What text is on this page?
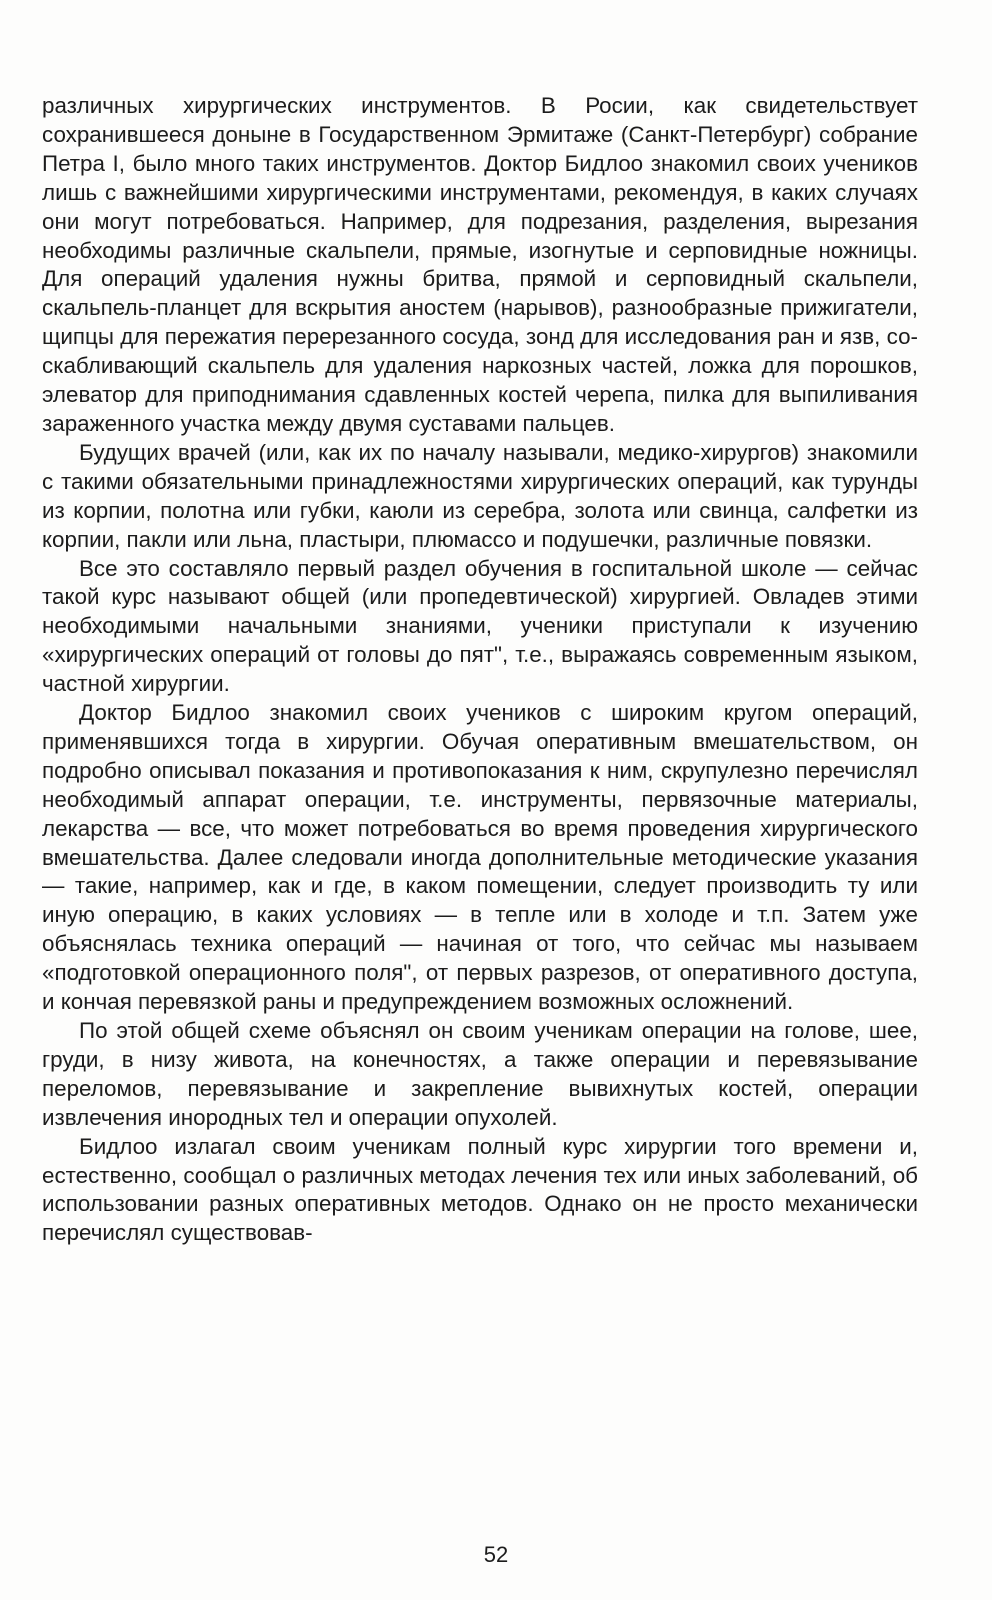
различных хирургических инструментов. В Росии, как свидетельствует сохранившееся доныне в Государственном Эрмитаже (Санкт-Петербург) собрание Петра I, было много таких инструментов. Доктор Бидлоо знакомил своих учеников лишь с важнейшими хирургическими инструментами, рекомендуя, в каких случаях они могут потребоваться. Например, для подрезания, разделения, вырезания необходимы различные скальпели, прямые, изогнутые и серповидные ножницы. Для операций удаления нужны бритва, прямой и серповидный скальпели, скальпель-планцет для вскрытия аностем (нарывов), разнообразные прижигатели, щипцы для пережатия перерезанного сосуда, зонд для исследования ран и язв, соскабливающий скальпель для удаления наркозных частей, ложка для порошков, элеватор для приподнимания сдавленных костей черепа, пилка для выпиливания зараженного участка между двумя суставами пальцев.

Будущих врачей (или, как их по началу называли, медико-хирургов) знакомили с такими обязательными принадлежностями хирургических операций, как турунды из корпии, полотна или губки, каюли из серебра, золота или свинца, салфетки из корпии, пакли или льна, пластыри, плюмассо и подушечки, различные повязки.

Все это составляло первый раздел обучения в госпитальной школе — сейчас такой курс называют общей (или пропедевтической) хирургией. Овладев этими необходимыми начальными знаниями, ученики приступали к изучению «хирургических операций от головы до пят", т.е., выражаясь современным языком, частной хирургии.

Доктор Бидлоо знакомил своих учеников с широким кругом операций, применявшихся тогда в хирургии. Обучая оперативным вмешательством, он подробно описывал показания и противопоказания к ним, скрупулезно перечислял необходимый аппарат операции, т.е. инструменты, первязочные материалы, лекарства — все, что может потребоваться во время проведения хирургического вмешательства. Далее следовали иногда дополнительные методические указания — такие, например, как и где, в каком помещении, следует производить ту или иную операцию, в каких условиях — в тепле или в холоде и т.п. Затем уже объяснялась техника операций — начиная от того, что сейчас мы называем «подготовкой операционного поля", от первых разрезов, от оперативного доступа, и кончая перевязкой раны и предупреждением возможных осложнений.

По этой общей схеме объяснял он своим ученикам операции на голове, шее, груди, в низу живота, на конечностях, а также операции и перевязывание переломов, перевязывание и закрепление вывихнутых костей, операции извлечения инородных тел и операции опухолей.

Бидлоо излагал своим ученикам полный курс хирургии того времени и, естественно, сообщал о различных методах лечения тех или иных заболеваний, об использовании разных оперативных методов. Однако он не просто механически перечислял существовав-

52
